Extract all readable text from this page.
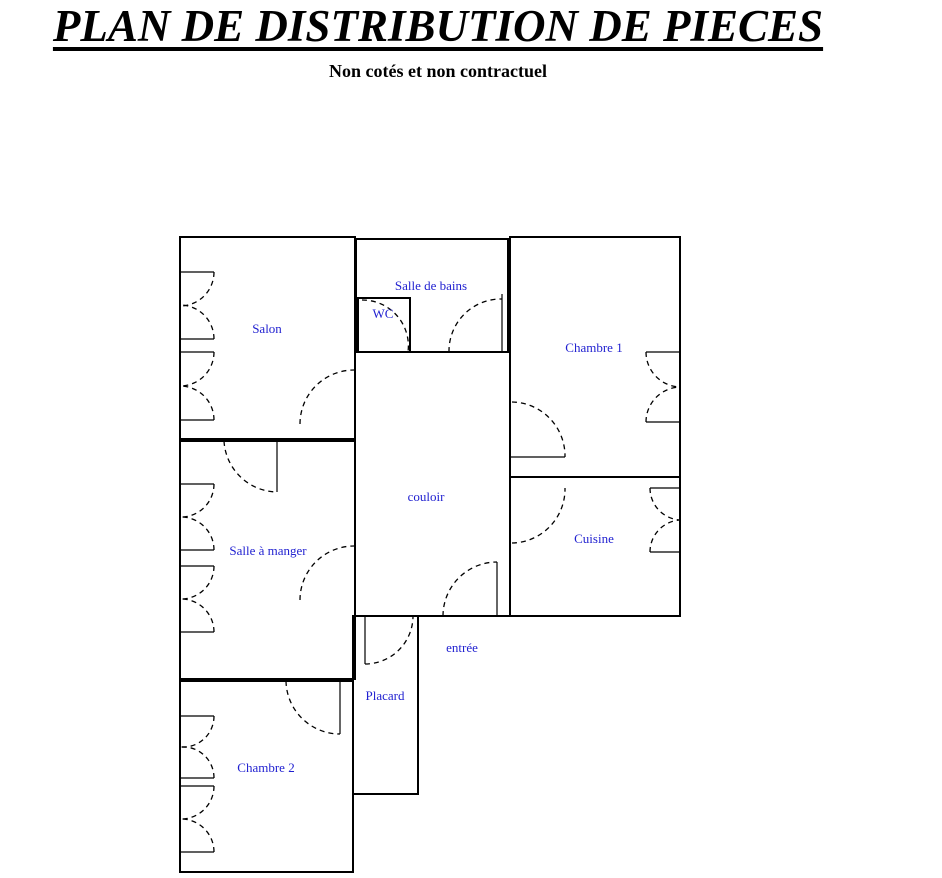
PLAN DE DISTRIBUTION DE PIECES
Non cotés et non contractuel
Salon
Salle de bains
WC
Chambre 1
couloir
Cuisine
Salle à manger
entrée
Placard
Chambre 2
